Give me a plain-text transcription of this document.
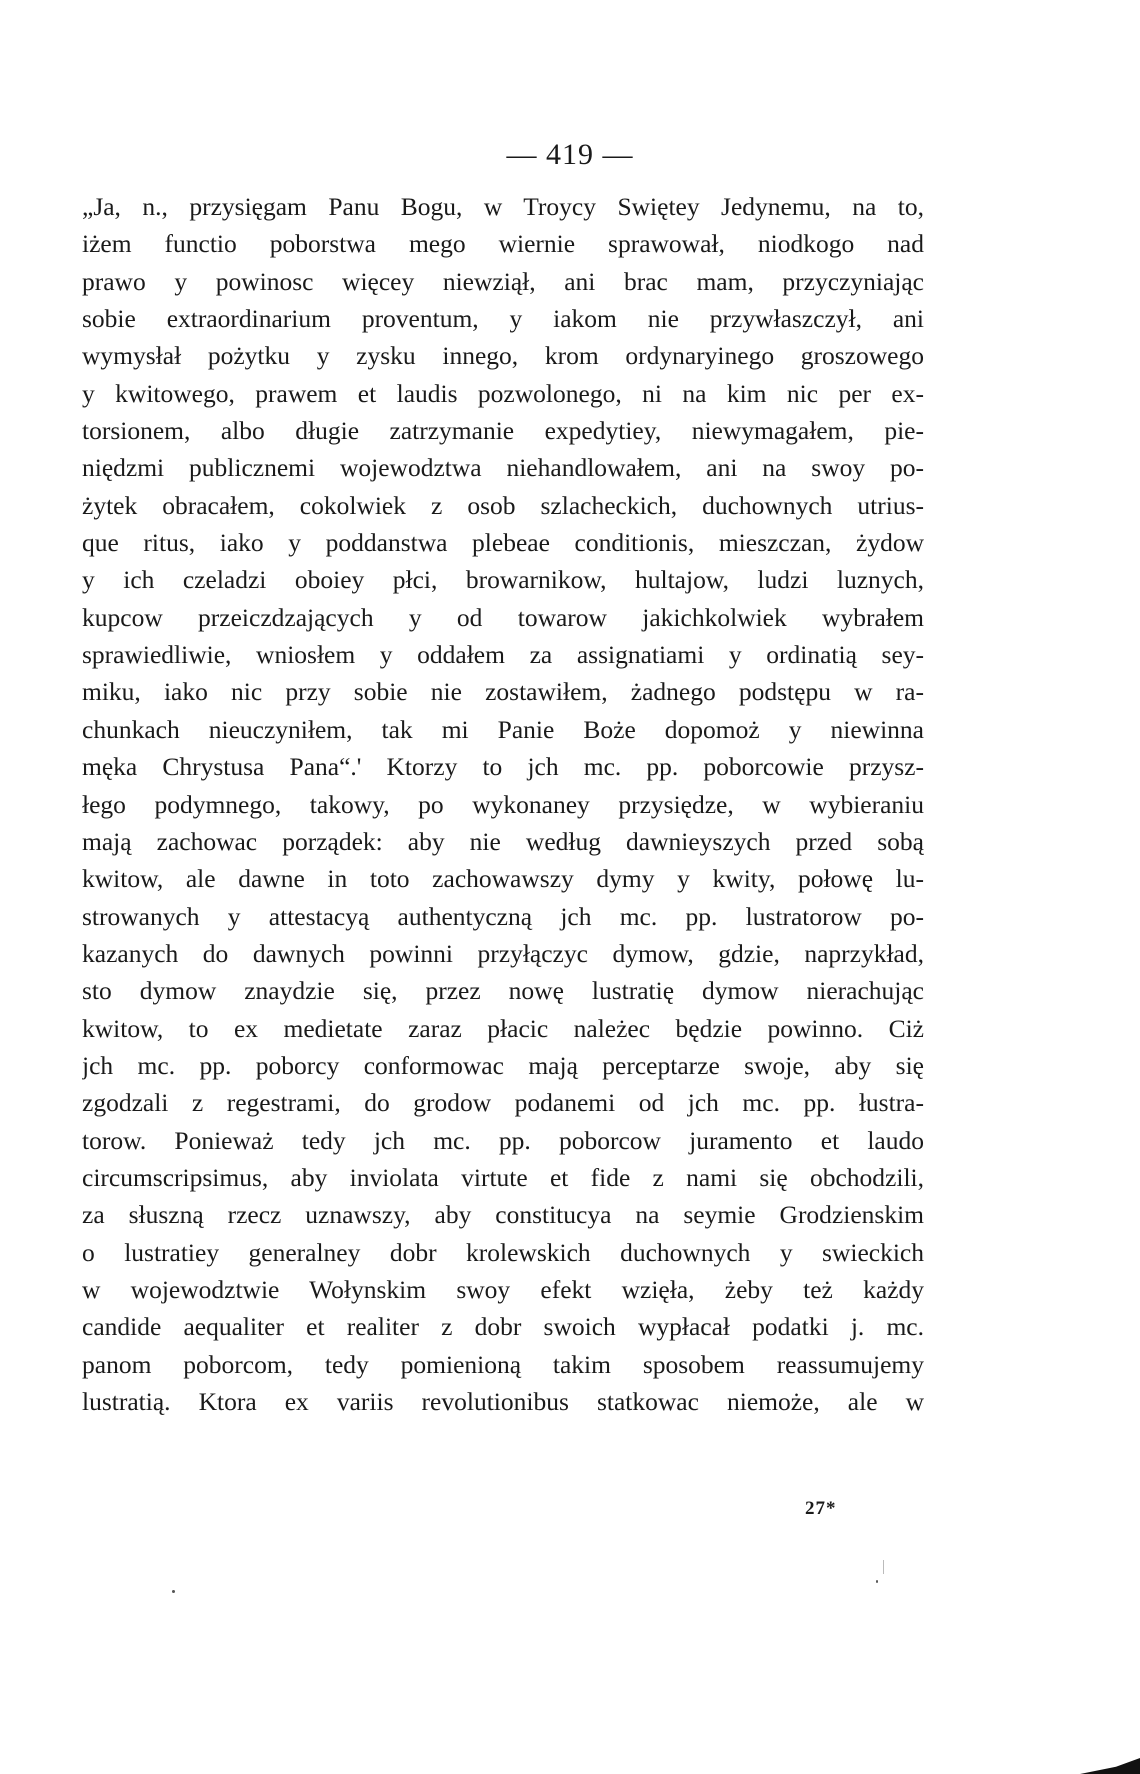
— 419 —
„Ja, n., przysięgam Panu Bogu, w Troycy Swiętey Jedynemu, na to,
iżem functio poborstwa mego wiernie sprawował, niodkogo nad
prawo y powinosc więcey niewziął, ani brac mam, przyczyniając
sobie extraordinarium proventum, y iakom nie przywłaszczył, ani
wymysłał pożytku y zysku innego, krom ordynaryinego groszowego
y kwitowego, prawem et laudis pozwolonego, ni na kim nic per ex-
torsionem, albo długie zatrzymanie expedytiey, niewymagałem, pie-
niędzmi publicznemi wojewodztwa niehandlowałem, ani na swoy po-
żytek obracałem, cokolwiek z osob szlacheckich, duchownych utrius-
que ritus, iako y poddanstwa plebeae conditionis, mieszczan, żydow
y ich czeladzi oboiey płci, browarnikow, hultajow, ludzi luznych,
kupcow przeiczdzających y od towarow jakichkolwiek wybrałem
sprawiedliwie, wniosłem y oddałem za assignatiami y ordinatią sey-
miku, iako nic przy sobie nie zostawiłem, żadnego podstępu w ra-
chunkach nieuczyniłem, tak mi Panie Boże dopomoż y niewinna
męka Chrystusa Pana“.' Ktorzy to jch mc. pp. poborcowie przysz-
łego podymnego, takowy, po wykonaney przysiędze, w wybieraniu
mają zachowac porządek: aby nie według dawnieyszych przed sobą
kwitow, ale dawne in toto zachowawszy dymy y kwity, połowę lu-
strowanych y attestacyą authentyczną jch mc. pp. lustratorow po-
kazanych do dawnych powinni przyłączyc dymow, gdzie, naprzykład,
sto dymow znaydzie się, przez nowę lustratię dymow nierachując
kwitow, to ex medietate zaraz płacic należec będzie powinno. Ciż
jch mc. pp. poborcy conformowac mają perceptarze swoje, aby się
zgodzali z regestrami, do grodow podanemi od jch mc. pp. łustra-
torow. Ponieważ tedy jch mc. pp. poborcow juramento et laudo
circumscripsimus, aby inviolata virtute et fide z nami się obchodzili,
za słuszną rzecz uznawszy, aby constitucya na seymie Grodzienskim
o lustratiey generalney dobr krolewskich duchownych y swieckich
w wojewodztwie Wołynskim swoy efekt wzięła, żeby też każdy
candide aequaliter et realiter z dobr swoich wypłacał podatki j. mc.
panom poborcom, tedy pomienioną takim sposobem reassumujemy
lustratią. Ktora ex variis revolutionibus statkowac niemoże, ale w
27*
